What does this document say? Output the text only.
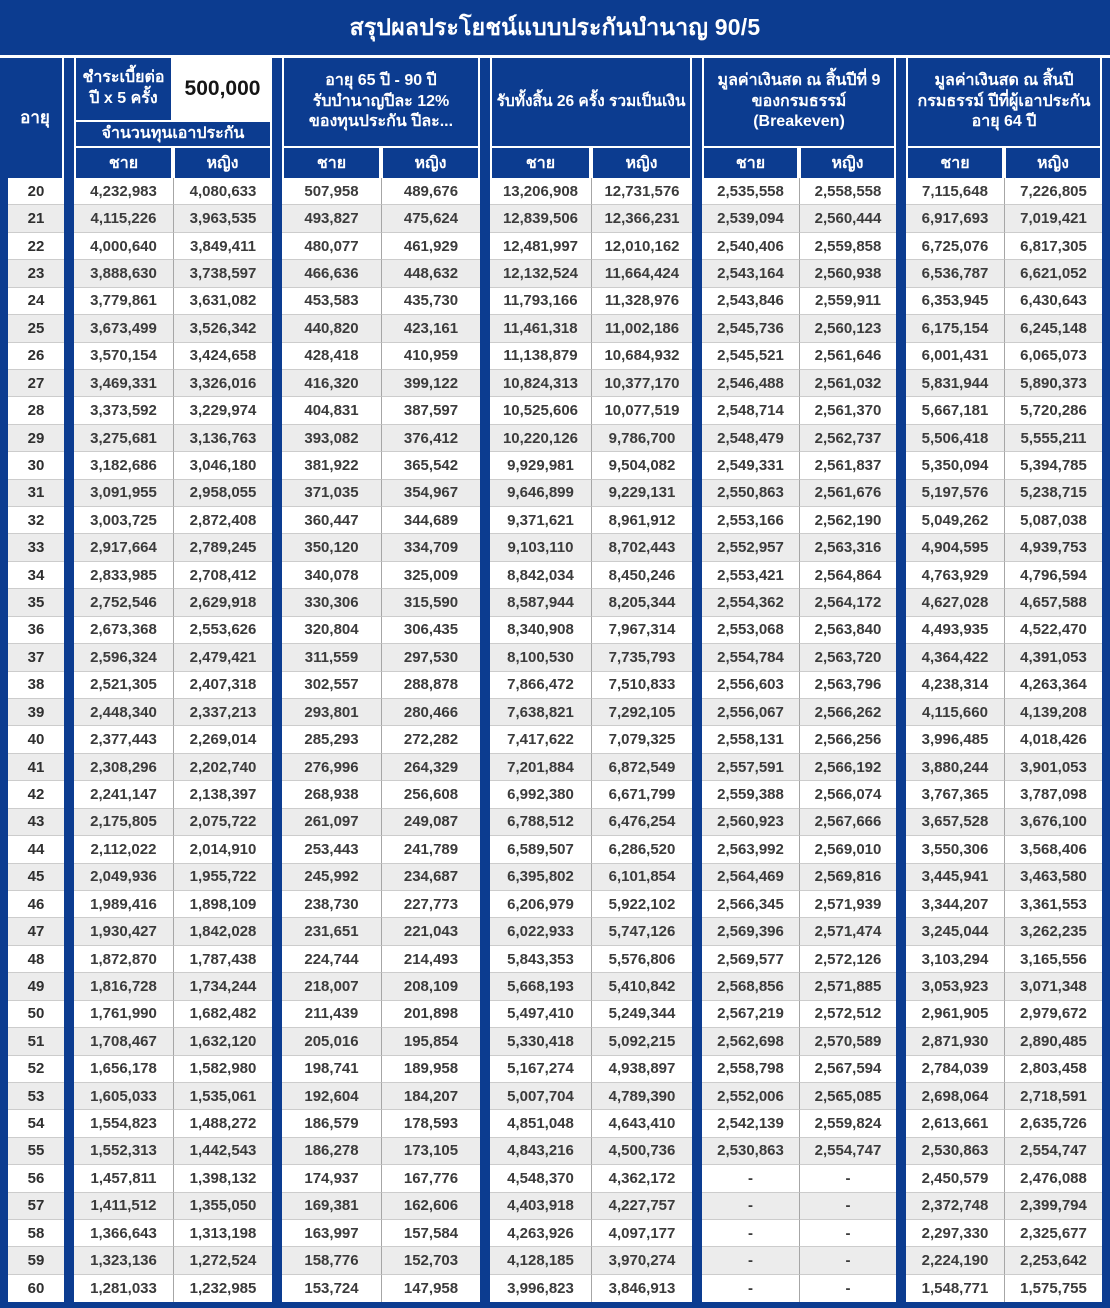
สรุปผลประโยชน์แบบประกันบำนาญ 90/5
อายุ
ชำระเบี้ยต่อ
ปี x 5 ครั้ง	500,000
จำนวนทุนเอาประกัน
อายุ 65 ปี - 90 ปี
รับบำนาญปีละ 12%
ของทุนประกัน ปีละ...
รับทั้งสิ้น 26 ครั้ง รวมเป็นเงิน
มูลค่าเงินสด ณ สิ้นปีที่ 9
ของกรมธรรม์
(Breakeven)
มูลค่าเงินสด ณ สิ้นปี
กรมธรรม์ ปีที่ผู้เอาประกัน
อายุ 64 ปี
ชาย	หญิง	ชาย	หญิง	ชาย	หญิง	ชาย	หญิง	ชาย	หญิง
20	4,232,983	4,080,633	507,958	489,676	13,206,908	12,731,576	2,535,558	2,558,558	7,115,648	7,226,805
21	4,115,226	3,963,535	493,827	475,624	12,839,506	12,366,231	2,539,094	2,560,444	6,917,693	7,019,421
22	4,000,640	3,849,411	480,077	461,929	12,481,997	12,010,162	2,540,406	2,559,858	6,725,076	6,817,305
23	3,888,630	3,738,597	466,636	448,632	12,132,524	11,664,424	2,543,164	2,560,938	6,536,787	6,621,052
24	3,779,861	3,631,082	453,583	435,730	11,793,166	11,328,976	2,543,846	2,559,911	6,353,945	6,430,643
25	3,673,499	3,526,342	440,820	423,161	11,461,318	11,002,186	2,545,736	2,560,123	6,175,154	6,245,148
26	3,570,154	3,424,658	428,418	410,959	11,138,879	10,684,932	2,545,521	2,561,646	6,001,431	6,065,073
27	3,469,331	3,326,016	416,320	399,122	10,824,313	10,377,170	2,546,488	2,561,032	5,831,944	5,890,373
28	3,373,592	3,229,974	404,831	387,597	10,525,606	10,077,519	2,548,714	2,561,370	5,667,181	5,720,286
29	3,275,681	3,136,763	393,082	376,412	10,220,126	9,786,700	2,548,479	2,562,737	5,506,418	5,555,211
30	3,182,686	3,046,180	381,922	365,542	9,929,981	9,504,082	2,549,331	2,561,837	5,350,094	5,394,785
31	3,091,955	2,958,055	371,035	354,967	9,646,899	9,229,131	2,550,863	2,561,676	5,197,576	5,238,715
32	3,003,725	2,872,408	360,447	344,689	9,371,621	8,961,912	2,553,166	2,562,190	5,049,262	5,087,038
33	2,917,664	2,789,245	350,120	334,709	9,103,110	8,702,443	2,552,957	2,563,316	4,904,595	4,939,753
34	2,833,985	2,708,412	340,078	325,009	8,842,034	8,450,246	2,553,421	2,564,864	4,763,929	4,796,594
35	2,752,546	2,629,918	330,306	315,590	8,587,944	8,205,344	2,554,362	2,564,172	4,627,028	4,657,588
36	2,673,368	2,553,626	320,804	306,435	8,340,908	7,967,314	2,553,068	2,563,840	4,493,935	4,522,470
37	2,596,324	2,479,421	311,559	297,530	8,100,530	7,735,793	2,554,784	2,563,720	4,364,422	4,391,053
38	2,521,305	2,407,318	302,557	288,878	7,866,472	7,510,833	2,556,603	2,563,796	4,238,314	4,263,364
39	2,448,340	2,337,213	293,801	280,466	7,638,821	7,292,105	2,556,067	2,566,262	4,115,660	4,139,208
40	2,377,443	2,269,014	285,293	272,282	7,417,622	7,079,325	2,558,131	2,566,256	3,996,485	4,018,426
41	2,308,296	2,202,740	276,996	264,329	7,201,884	6,872,549	2,557,591	2,566,192	3,880,244	3,901,053
42	2,241,147	2,138,397	268,938	256,608	6,992,380	6,671,799	2,559,388	2,566,074	3,767,365	3,787,098
43	2,175,805	2,075,722	261,097	249,087	6,788,512	6,476,254	2,560,923	2,567,666	3,657,528	3,676,100
44	2,112,022	2,014,910	253,443	241,789	6,589,507	6,286,520	2,563,992	2,569,010	3,550,306	3,568,406
45	2,049,936	1,955,722	245,992	234,687	6,395,802	6,101,854	2,564,469	2,569,816	3,445,941	3,463,580
46	1,989,416	1,898,109	238,730	227,773	6,206,979	5,922,102	2,566,345	2,571,939	3,344,207	3,361,553
47	1,930,427	1,842,028	231,651	221,043	6,022,933	5,747,126	2,569,396	2,571,474	3,245,044	3,262,235
48	1,872,870	1,787,438	224,744	214,493	5,843,353	5,576,806	2,569,577	2,572,126	3,103,294	3,165,556
49	1,816,728	1,734,244	218,007	208,109	5,668,193	5,410,842	2,568,856	2,571,885	3,053,923	3,071,348
50	1,761,990	1,682,482	211,439	201,898	5,497,410	5,249,344	2,567,219	2,572,512	2,961,905	2,979,672
51	1,708,467	1,632,120	205,016	195,854	5,330,418	5,092,215	2,562,698	2,570,589	2,871,930	2,890,485
52	1,656,178	1,582,980	198,741	189,958	5,167,274	4,938,897	2,558,798	2,567,594	2,784,039	2,803,458
53	1,605,033	1,535,061	192,604	184,207	5,007,704	4,789,390	2,552,006	2,565,085	2,698,064	2,718,591
54	1,554,823	1,488,272	186,579	178,593	4,851,048	4,643,410	2,542,139	2,559,824	2,613,661	2,635,726
55	1,552,313	1,442,543	186,278	173,105	4,843,216	4,500,736	2,530,863	2,554,747	2,530,863	2,554,747
56	1,457,811	1,398,132	174,937	167,776	4,548,370	4,362,172	-	-	2,450,579	2,476,088
57	1,411,512	1,355,050	169,381	162,606	4,403,918	4,227,757	-	-	2,372,748	2,399,794
58	1,366,643	1,313,198	163,997	157,584	4,263,926	4,097,177	-	-	2,297,330	2,325,677
59	1,323,136	1,272,524	158,776	152,703	4,128,185	3,970,274	-	-	2,224,190	2,253,642
60	1,281,033	1,232,985	153,724	147,958	3,996,823	3,846,913	-	-	1,548,771	1,575,755
